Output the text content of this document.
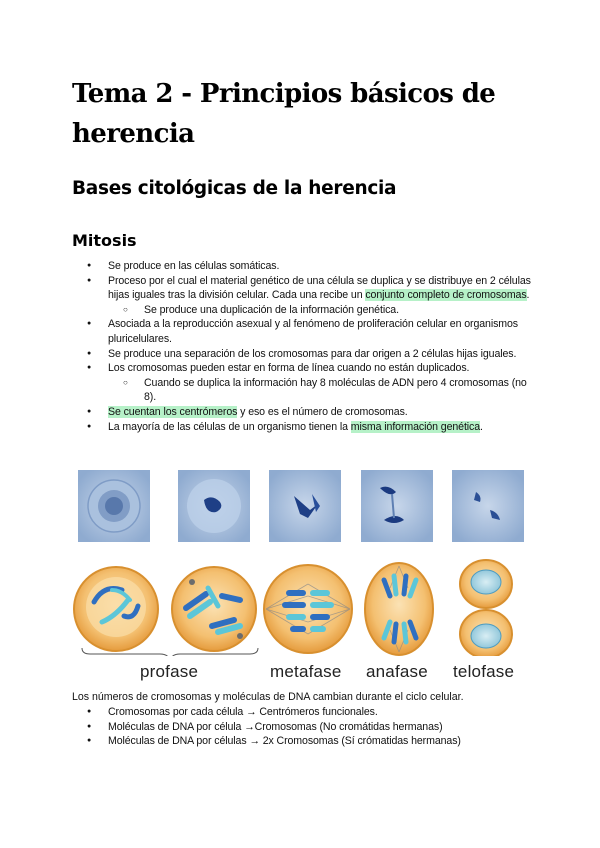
Tema 2 - Principios básicos de herencia
Bases citológicas de la herencia
Mitosis
● Se produce en las células somáticas.
● Proceso por el cual el material genético de una célula se duplica y se distribuye en 2 células hijas iguales tras la división celular. Cada una recibe un conjunto completo de cromosomas.
○ Se produce una duplicación de la información genética.
● Asociada a la reproducción asexual y al fenómeno de proliferación celular en organismos pluricelulares.
● Se produce una separación de los cromosomas para dar origen a 2 células hijas iguales.
● Los cromosomas pueden estar en forma de línea cuando no están duplicados.
○ Cuando se duplica la información hay 8 moléculas de ADN pero 4 cromosomas (no 8).
● Se cuentan los centrómeros y eso es el número de cromosomas.
● La mayoría de las células de un organismo tienen la misma información genética.
profase	metafase anafase telofase

Los números de cromosomas y moléculas de DNA cambian durante el ciclo celular.

● Cromosomas por cada célula → Centrómeros funcionales.
● Moléculas de DNA por célula →Cromosomas (No cromátidas hermanas)
● Moléculas de DNA por células → 2x Cromosomas (Sí crómatidas hermanas)
